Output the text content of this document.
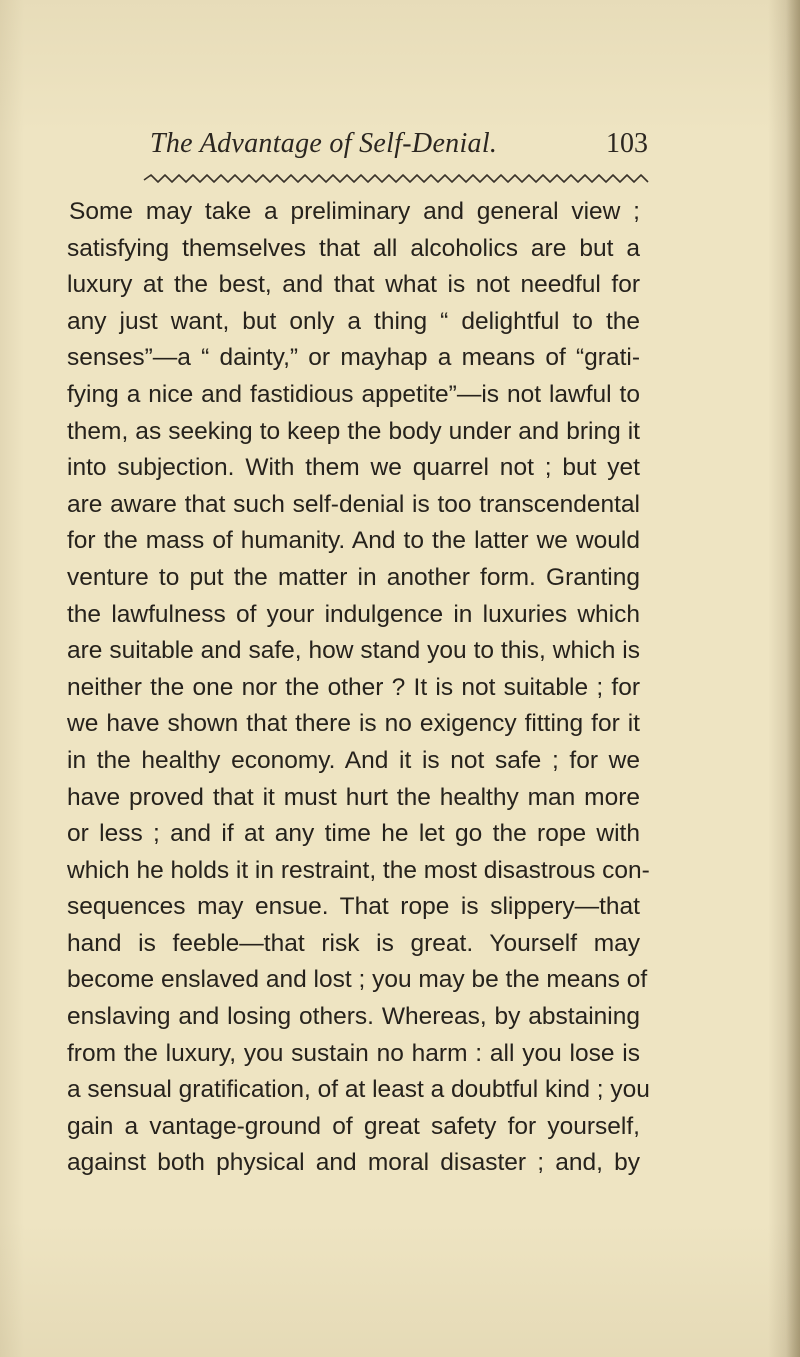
The Advantage of Self-Denial.	103
Some may take a preliminary and general view ;
satisfying themselves that all alcoholics are but a
luxury at the best, and that what is not needful for
any just want, but only a thing “ delightful to the
senses”—a “ dainty,” or mayhap a means of “grati-
fying a nice and fastidious appetite”—is not lawful to
them, as seeking to keep the body under and bring it
into subjection. With them we quarrel not ; but yet
are aware that such self-denial is too transcendental
for the mass of humanity. And to the latter we would
venture to put the matter in another form. Granting
the lawfulness of your indulgence in luxuries which
are suitable and safe, how stand you to this, which is
neither the one nor the other ? It is not suitable ; for
we have shown that there is no exigency fitting for it
in the healthy economy. And it is not safe ; for we
have proved that it must hurt the healthy man more
or less ; and if at any time he let go the rope with
which he holds it in restraint, the most disastrous con-
sequences may ensue. That rope is slippery—that
hand is feeble—that risk is great. Yourself may
become enslaved and lost ; you may be the means of
enslaving and losing others. Whereas, by abstaining
from the luxury, you sustain no harm : all you lose is
a sensual gratification, of at least a doubtful kind ; you
gain a vantage-ground of great safety for yourself,
against both physical and moral disaster ; and, by
